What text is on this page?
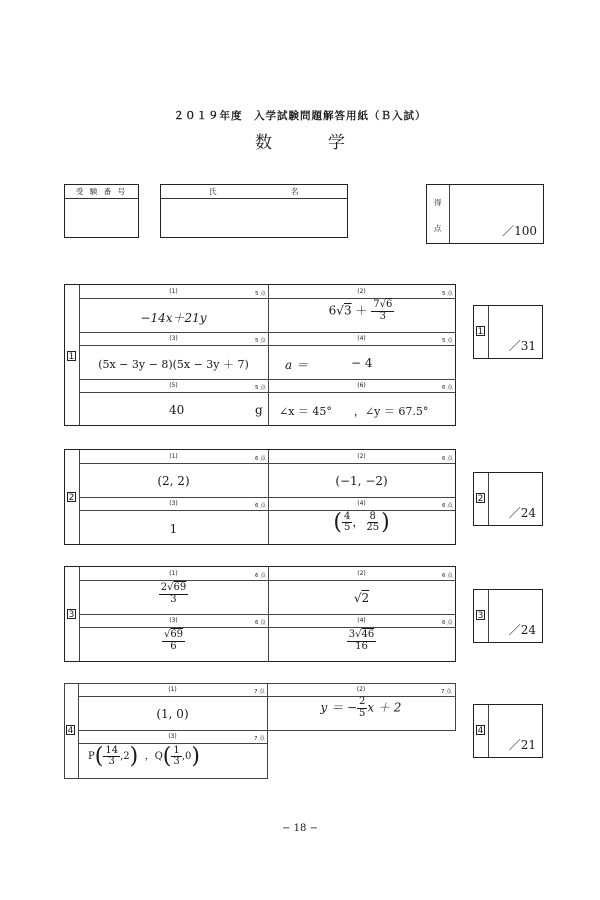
２０１９年度　入学試験問題解答用紙（Ｂ入試）
数学
受 験 番 号	氏	名
得
点	／100
1
(1)	5 点
−14x＋21y
(2)	5 点
$6√3 + \frac{7√6}{3}$
(3)	5 点
(5x − 3y − 8)(5x − 3y ＋ 7)
(4)	5 点
a ＝	− 4
(5)	5 点
40	g
(6)	6 点
∠x ＝ 45°　　，∠y ＝ 67.5°
1
／31
2
(1)	6 点
(2, 2)
(2)	6 点
(−1, −2)
(3)	6 点
1
(4)	6 点
( $\frac{4}{5}$ ， $\frac{8}{25}$ )
2
／24
3
(1)	6 点
$\frac{2√69}{3}$
(2)	6 点
√2
(3)	6 点
$\frac{√69}{6}$
(4)	6 点
$\frac{3√46}{16}$
3
／24
4
(1)	7 点
(1, 0)
(2)	7 点
y ＝ − $\frac{2}{5}$ x ＋ 2
(3)	7 点
$P( \frac{14}{3} ,2)$ ，$Q( \frac{1}{3} ,0)$
4
／21
− 18 −
